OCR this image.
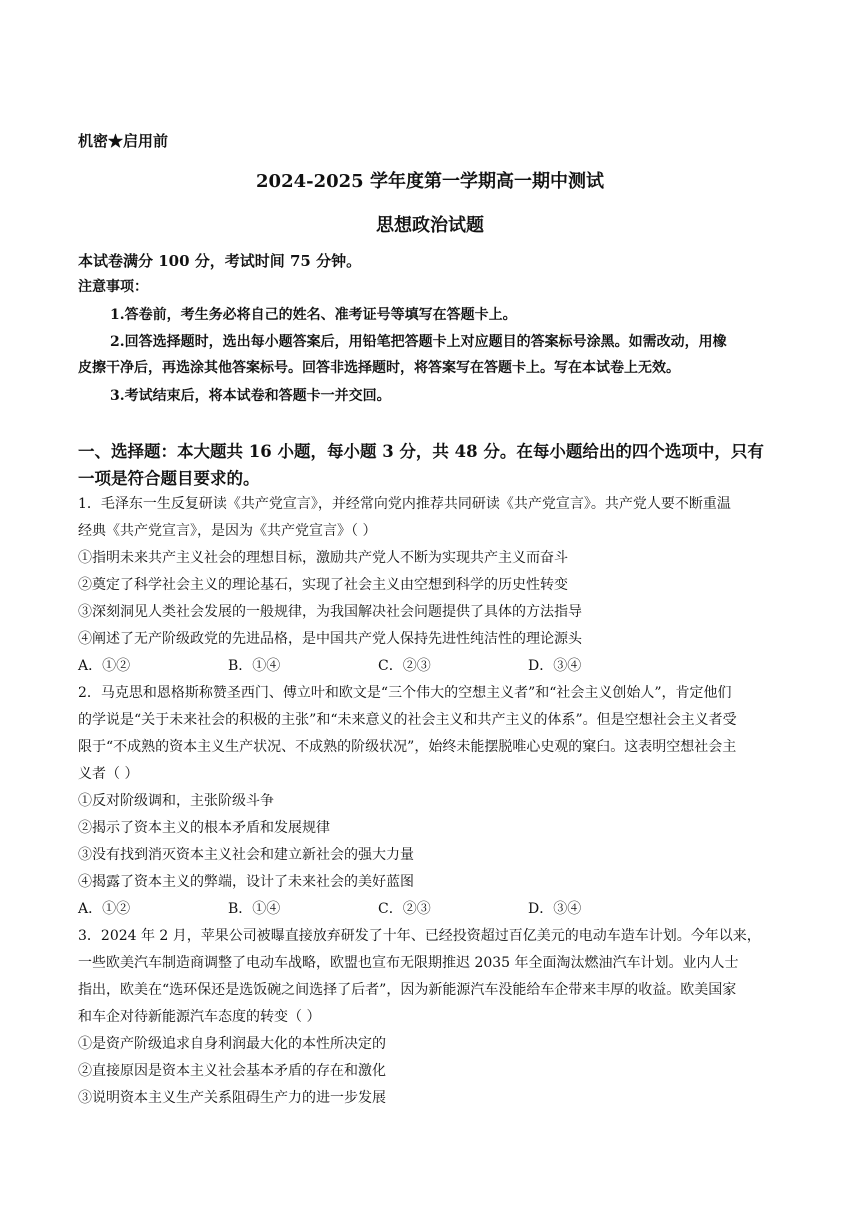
机密★启用前
2024-2025 学年度第一学期高一期中测试
思想政治试题
本试卷满分 100 分，考试时间 75 分钟。
注意事项：
1.答卷前，考生务必将自己的姓名、准考证号等填写在答题卡上。
2.回答选择题时，选出每小题答案后，用铅笔把答题卡上对应题目的答案标号涂黑。如需改动，用橡
皮擦干净后，再选涂其他答案标号。回答非选择题时，将答案写在答题卡上。写在本试卷上无效。
3.考试结束后，将本试卷和答题卡一并交回。
一、选择题：本大题共 16 小题，每小题 3 分，共 48 分。在每小题给出的四个选项中，只有
一项是符合题目要求的。
1．毛泽东一生反复研读《共产党宣言》，并经常向党内推荐共同研读《共产党宣言》。共产党人要不断重温
经典《共产党宣言》，是因为《共产党宣言》（ ）
①指明未来共产主义社会的理想目标，激励共产党人不断为实现共产主义而奋斗
②奠定了科学社会主义的理论基石，实现了社会主义由空想到科学的历史性转变
③深刻洞见人类社会发展的一般规律，为我国解决社会问题提供了具体的方法指导
④阐述了无产阶级政党的先进品格，是中国共产党人保持先进性纯洁性的理论源头
A．①②	B．①④	C．②③	D．③④
2．马克思和恩格斯称赞圣西门、傅立叶和欧文是“三个伟大的空想主义者”和“社会主义创始人”，肯定他们
的学说是“关于未来社会的积极的主张”和“未来意义的社会主义和共产主义的体系”。但是空想社会主义者受
限于“不成熟的资本主义生产状况、不成熟的阶级状况”，始终未能摆脱唯心史观的窠臼。这表明空想社会主
义者（ ）
①反对阶级调和，主张阶级斗争
②揭示了资本主义的根本矛盾和发展规律
③没有找到消灭资本主义社会和建立新社会的强大力量
④揭露了资本主义的弊端，设计了未来社会的美好蓝图
A．①②	B．①④	C．②③	D．③④
3．2024 年 2 月，苹果公司被曝直接放弃研发了十年、已经投资超过百亿美元的电动车造车计划。今年以来，
一些欧美汽车制造商调整了电动车战略，欧盟也宣布无限期推迟 2035 年全面淘汰燃油汽车计划。业内人士
指出，欧美在“选环保还是选饭碗之间选择了后者”，因为新能源汽车没能给车企带来丰厚的收益。欧美国家
和车企对待新能源汽车态度的转变（ ）
①是资产阶级追求自身利润最大化的本性所决定的
②直接原因是资本主义社会基本矛盾的存在和激化
③说明资本主义生产关系阻碍生产力的进一步发展
